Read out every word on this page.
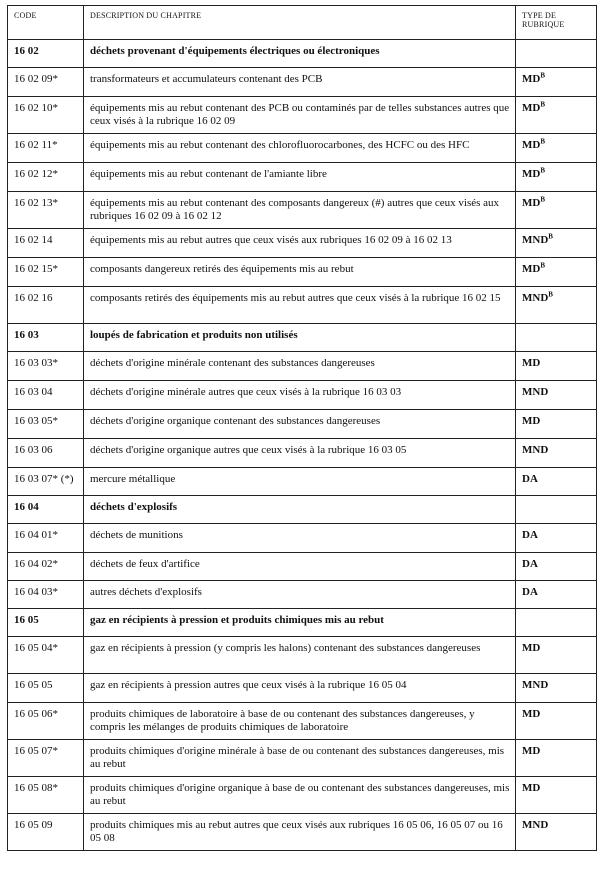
CODE	DESCRIPTION DU CHAPITRE	TYPE DE RUBRIQUE
16 02	déchets provenant d'équipements électriques ou électroniques	
16 02 09*	transformateurs et accumulateurs contenant des PCB	$MD^B$
16 02 10*	équipements mis au rebut contenant des PCB ou contaminés par de telles substances autres que ceux visés à la rubrique 16 02 09	$MD^B$
16 02 11*	équipements mis au rebut contenant des chlorofluorocarbones, des HCFC ou des HFC	$MD^B$
16 02 12*	équipements mis au rebut contenant de l'amiante libre	$MD^B$
16 02 13*	équipements mis au rebut contenant des composants dangereux (#) autres que ceux visés aux rubriques 16 02 09 à 16 02 12	$MD^B$
16 02 14	équipements mis au rebut autres que ceux visés aux rubriques 16 02 09 à 16 02 13	$MND^B$
16 02 15*	composants dangereux retirés des équipements mis au rebut	$MD^B$
16 02 16	composants retirés des équipements mis au rebut autres que ceux visés à la rubrique 16 02 15	$MND^B$
16 03	loupés de fabrication et produits non utilisés	
16 03 03*	déchets d'origine minérale contenant des substances dangereuses	MD
16 03 04	déchets d'origine minérale autres que ceux visés à la rubrique 16 03 03	MND
16 03 05*	déchets d'origine organique contenant des substances dangereuses	MD
16 03 06	déchets d'origine organique autres que ceux visés à la rubrique 16 03 05	MND
16 03 07* (*)	mercure métallique	DA
16 04	déchets d'explosifs	
16 04 01*	déchets de munitions	DA
16 04 02*	déchets de feux d'artifice	DA
16 04 03*	autres déchets d'explosifs	DA
16 05	gaz en récipients à pression et produits chimiques mis au rebut	
16 05 04*	gaz en récipients à pression (y compris les halons) contenant des substances dangereuses	MD
16 05 05	gaz en récipients à pression autres que ceux visés à la rubrique 16 05 04	MND
16 05 06*	produits chimiques de laboratoire à base de ou contenant des substances dangereuses, y compris les mélanges de produits chimiques de laboratoire	MD
16 05 07*	produits chimiques d'origine minérale à base de ou contenant des substances dangereuses, mis au rebut	MD
16 05 08*	produits chimiques d'origine organique à base de ou contenant des substances dangereuses, mis au rebut	MD
16 05 09	produits chimiques mis au rebut autres que ceux visés aux rubriques 16 05 06, 16 05 07 ou 16 05 08	MND
